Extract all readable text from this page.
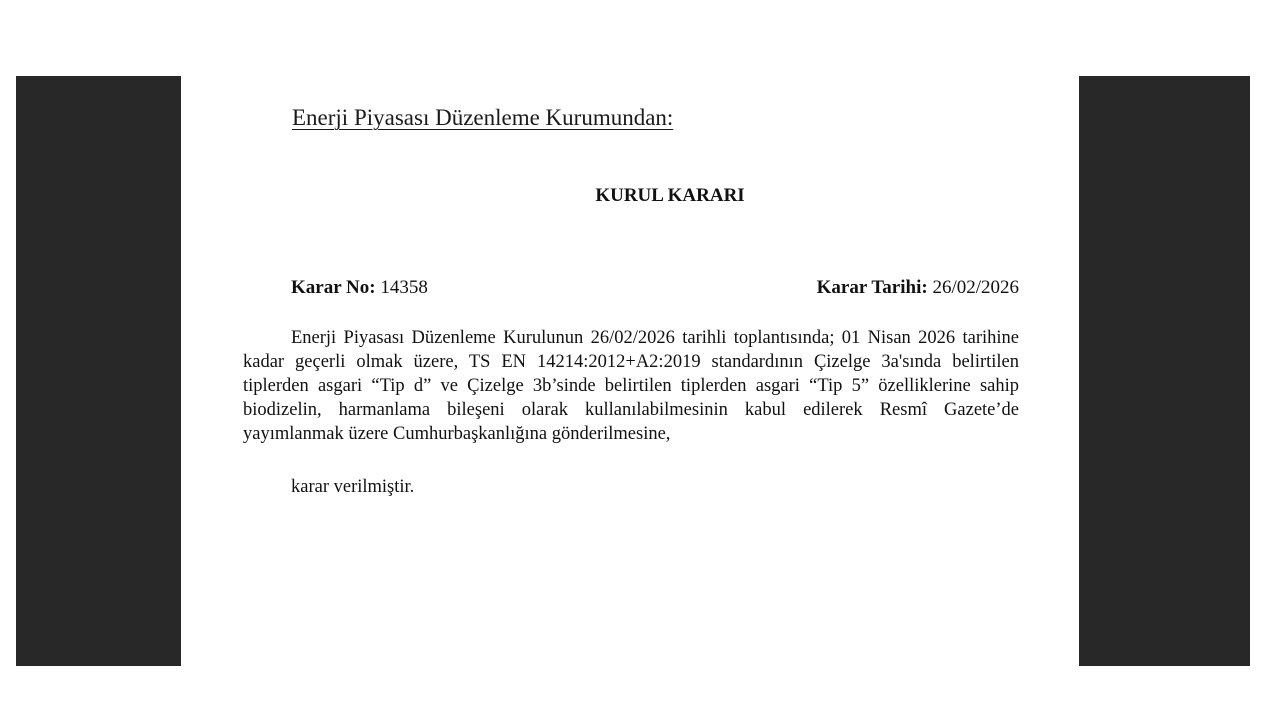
Enerji Piyasası Düzenleme Kurumundan:
KURUL KARARI
Karar No: 14358	Karar Tarihi: 26/02/2026

Enerji Piyasası Düzenleme Kurulunun 26/02/2026 tarihli toplantısında; 01 Nisan 2026 tarihine kadar geçerli olmak üzere, TS EN 14214:2012+A2:2019 standardının Çizelge 3a'sında belirtilen tiplerden asgari “Tip d” ve Çizelge 3b’sinde belirtilen tiplerden asgari “Tip 5” özelliklerine sahip biodizelin, harmanlama bileşeni olarak kullanılabilmesinin kabul edilerek Resmî Gazete’de yayımlanmak üzere Cumhurbaşkanlığına gönderilmesine,

karar verilmiştir.
